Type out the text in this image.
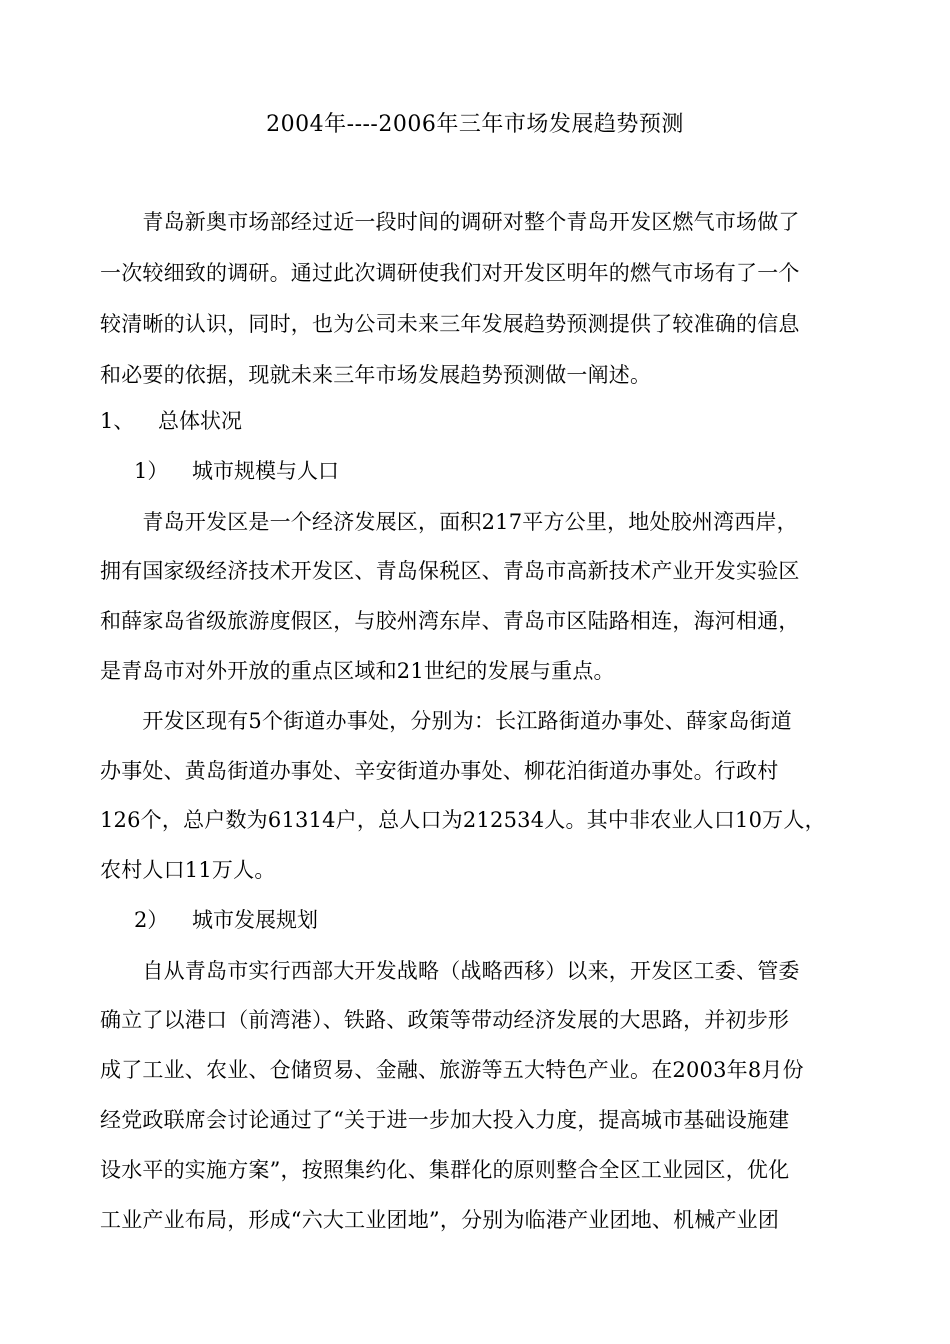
2004年----2006年三年市场发展趋势预测
　　青岛新奥市场部经过近一段时间的调研对整个青岛开发区燃气市场做了
一次较细致的调研。通过此次调研使我们对开发区明年的燃气市场有了一个
较清晰的认识，同时，也为公司未来三年发展趋势预测提供了较准确的信息
和必要的依据，现就未来三年市场发展趋势预测做一阐述。
1、 总体状况
1） 城市规模与人口
　　青岛开发区是一个经济发展区，面积217平方公里，地处胶州湾西岸，
拥有国家级经济技术开发区、青岛保税区、青岛市高新技术产业开发实验区
和薛家岛省级旅游度假区，与胶州湾东岸、青岛市区陆路相连，海河相通，
是青岛市对外开放的重点区域和21世纪的发展与重点。
　　开发区现有5个街道办事处，分别为：长江路街道办事处、薛家岛街道
办事处、黄岛街道办事处、辛安街道办事处、柳花泊街道办事处。行政村
126个，总户数为61314户，总人口为212534人。其中非农业人口10万人，
农村人口11万人。
2） 城市发展规划
　　自从青岛市实行西部大开发战略（战略西移）以来，开发区工委、管委
确立了以港口（前湾港）、铁路、政策等带动经济发展的大思路，并初步形
成了工业、农业、仓储贸易、金融、旅游等五大特色产业。在2003年8月份
经党政联席会讨论通过了“关于进一步加大投入力度，提高城市基础设施建
设水平的实施方案”，按照集约化、集群化的原则整合全区工业园区，优化
工业产业布局，形成“六大工业团地”，分别为临港产业团地、机械产业团
